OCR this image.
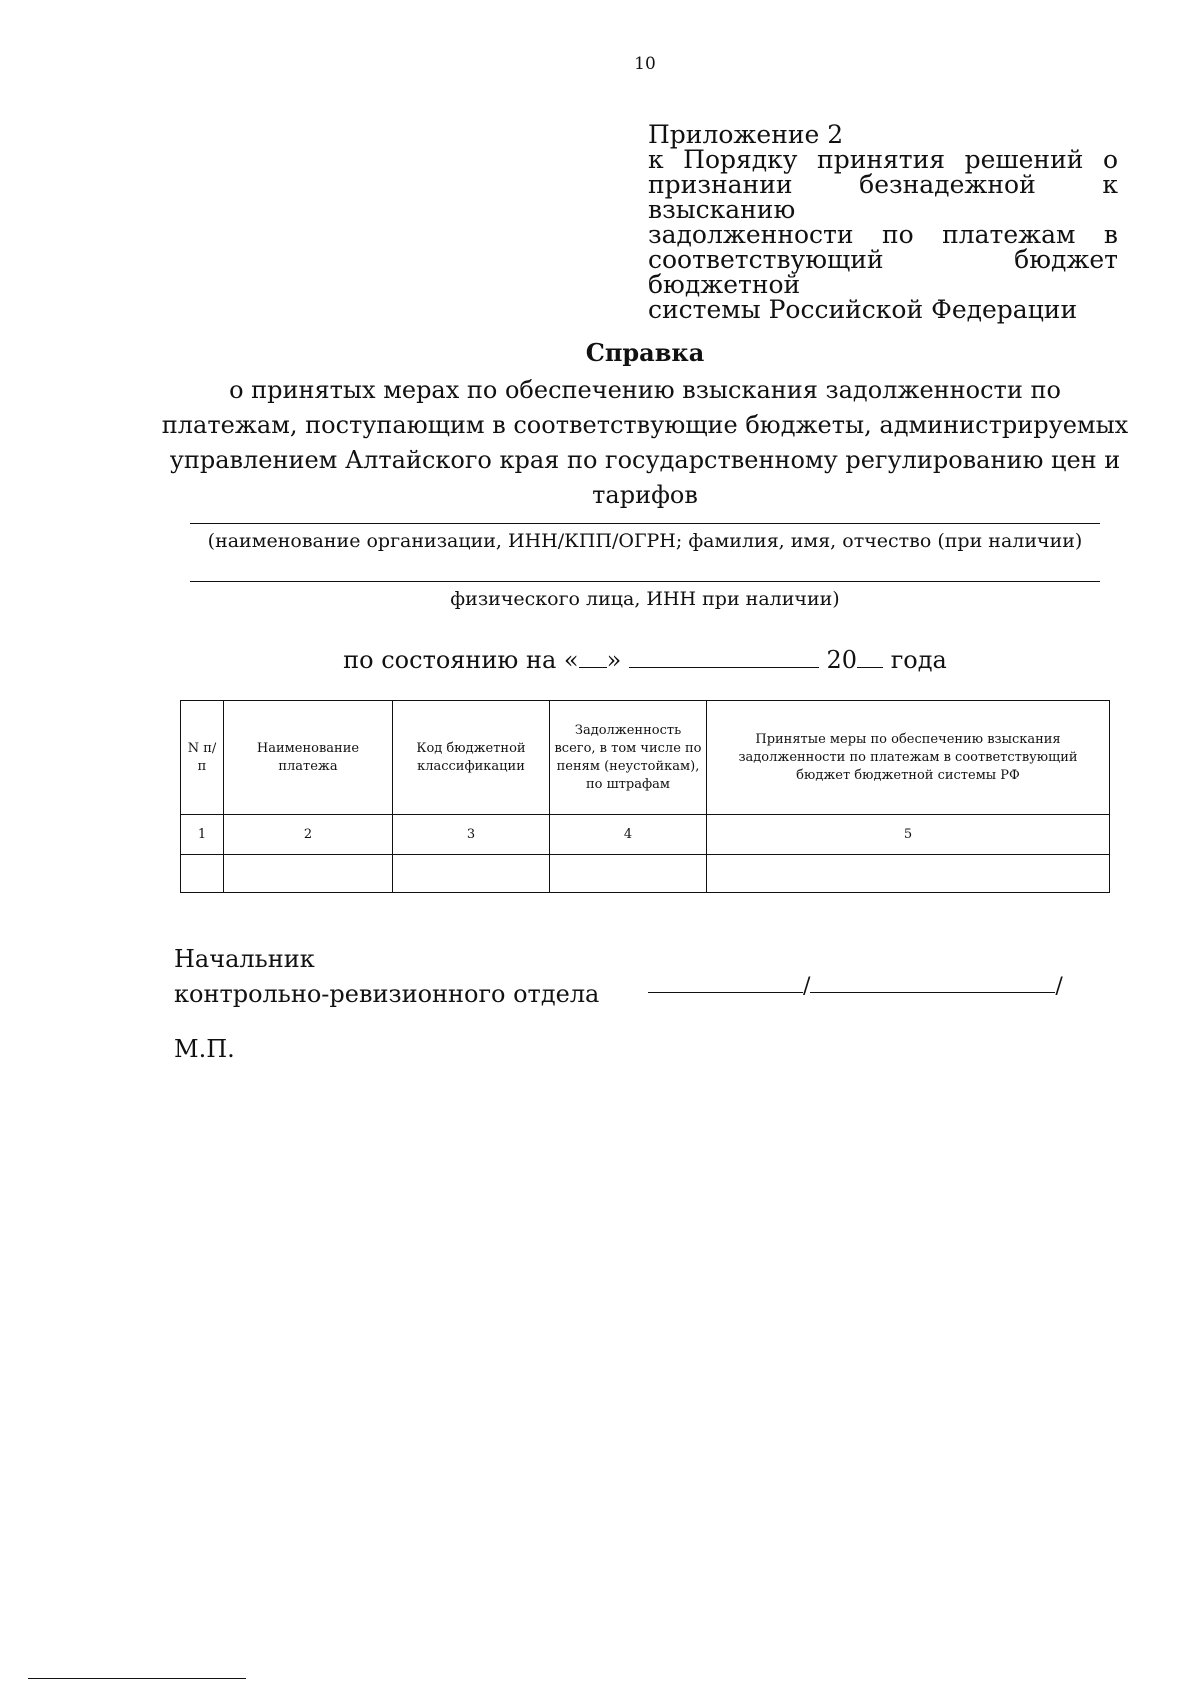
10
Приложение 2
к Порядку принятия решений о
признании безнадежной к взысканию
задолженности по платежам в
соответствующий бюджет бюджетной
системы Российской Федерации
Справка
о принятых мерах по обеспечению взыскания задолженности по платежам, поступающим в соответствующие бюджеты, администрируемых управлением Алтайского края по государственному регулированию цен и тарифов
(наименование организации, ИНН/КПП/ОГРН; фамилия, имя, отчество (при наличии)
физического лица, ИНН при наличии)
по состоянию на « »	20 года
N п/п	Наименование платежа	Код бюджетной классификации	Задолженность всего, в том числе по пеням (неустойкам), по штрафам	Принятые меры по обеспечению взыскания задолженности по платежам в соответствующий бюджет бюджетной системы РФ
1	2	3	4	5

Начальник
контрольно-ревизионного отдела	/	/
М.П.
